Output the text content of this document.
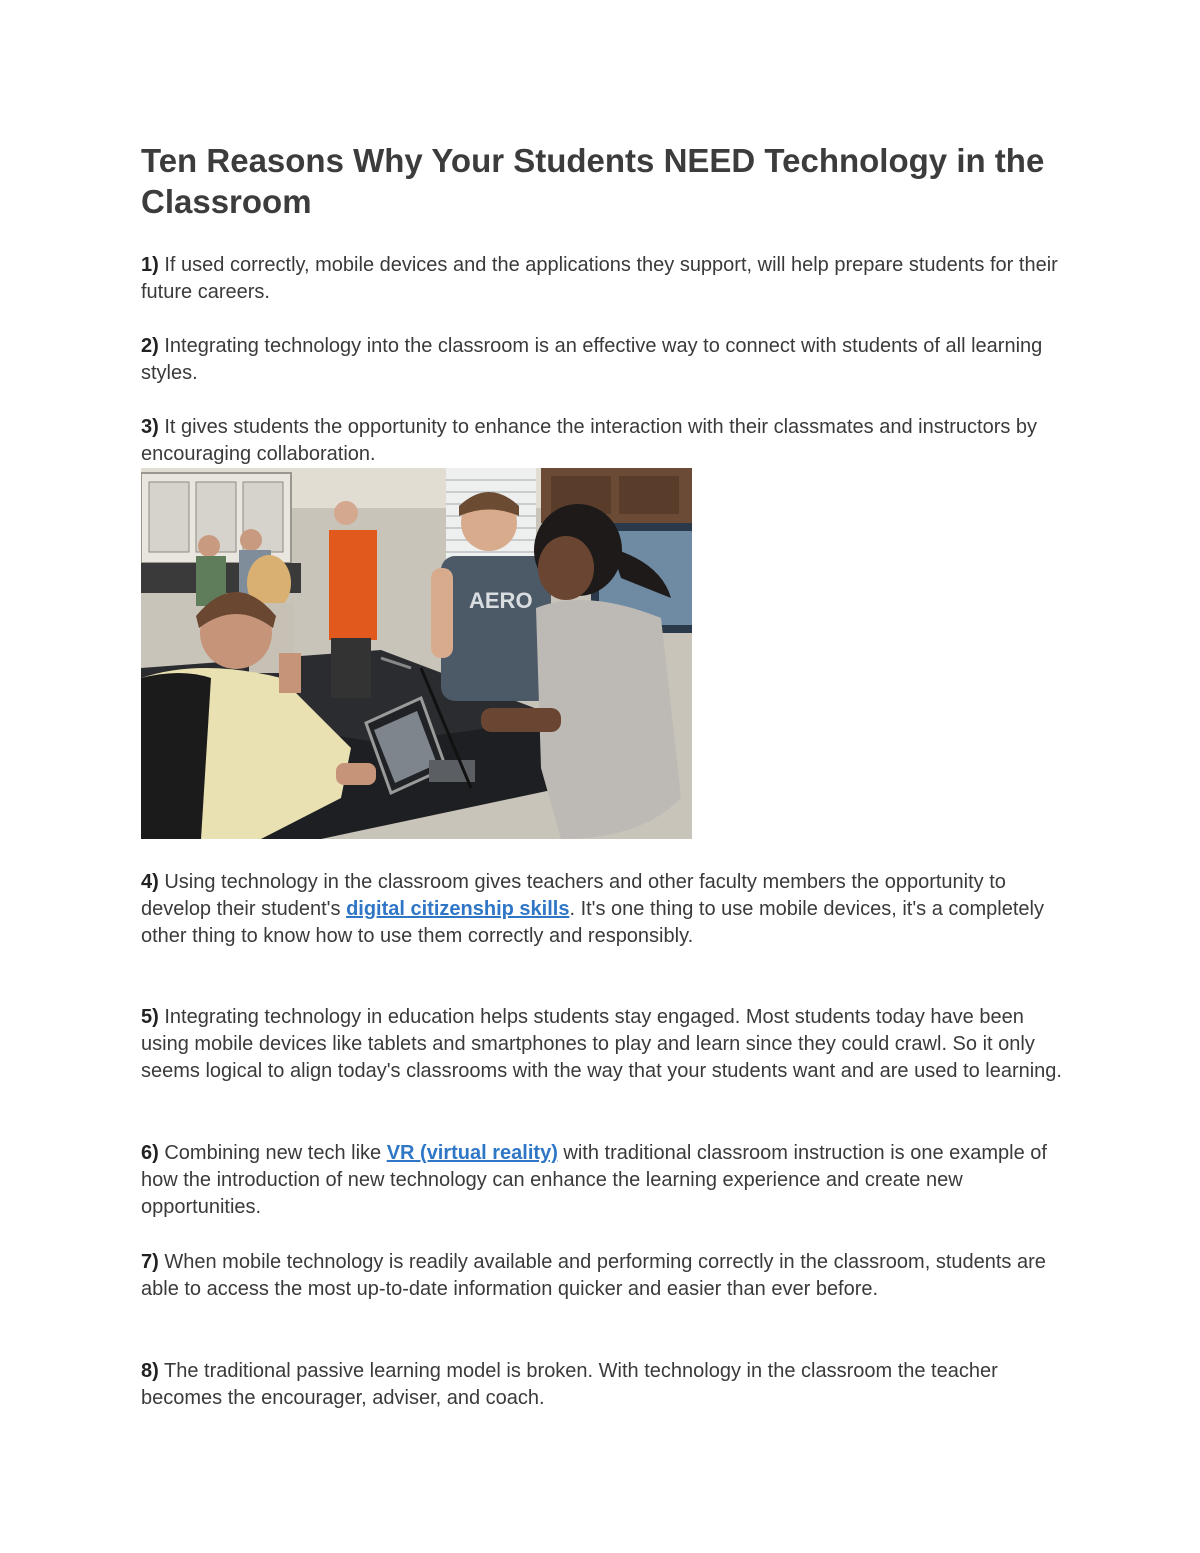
Ten Reasons Why Your Students NEED Technology in the Classroom

1) If used correctly, mobile devices and the applications they support, will help prepare students for their future careers.

2) Integrating technology into the classroom is an effective way to connect with students of all learning styles.

3) It gives students the opportunity to enhance the interaction with their classmates and instructors by encouraging collaboration.

AERO

4) Using technology in the classroom gives teachers and other faculty members the opportunity to develop their student's digital citizenship skills. It's one thing to use mobile devices, it's a completely other thing to know how to use them correctly and responsibly.

5) Integrating technology in education helps students stay engaged. Most students today have been using mobile devices like tablets and smartphones to play and learn since they could crawl. So it only seems logical to align today's classrooms with the way that your students want and are used to learning.

6) Combining new tech like VR (virtual reality) with traditional classroom instruction is one example of how the introduction of new technology can enhance the learning experience and create new opportunities.

7) When mobile technology is readily available and performing correctly in the classroom, students are able to access the most up-to-date information quicker and easier than ever before.

8) The traditional passive learning model is broken. With technology in the classroom the teacher becomes the encourager, adviser, and coach.
